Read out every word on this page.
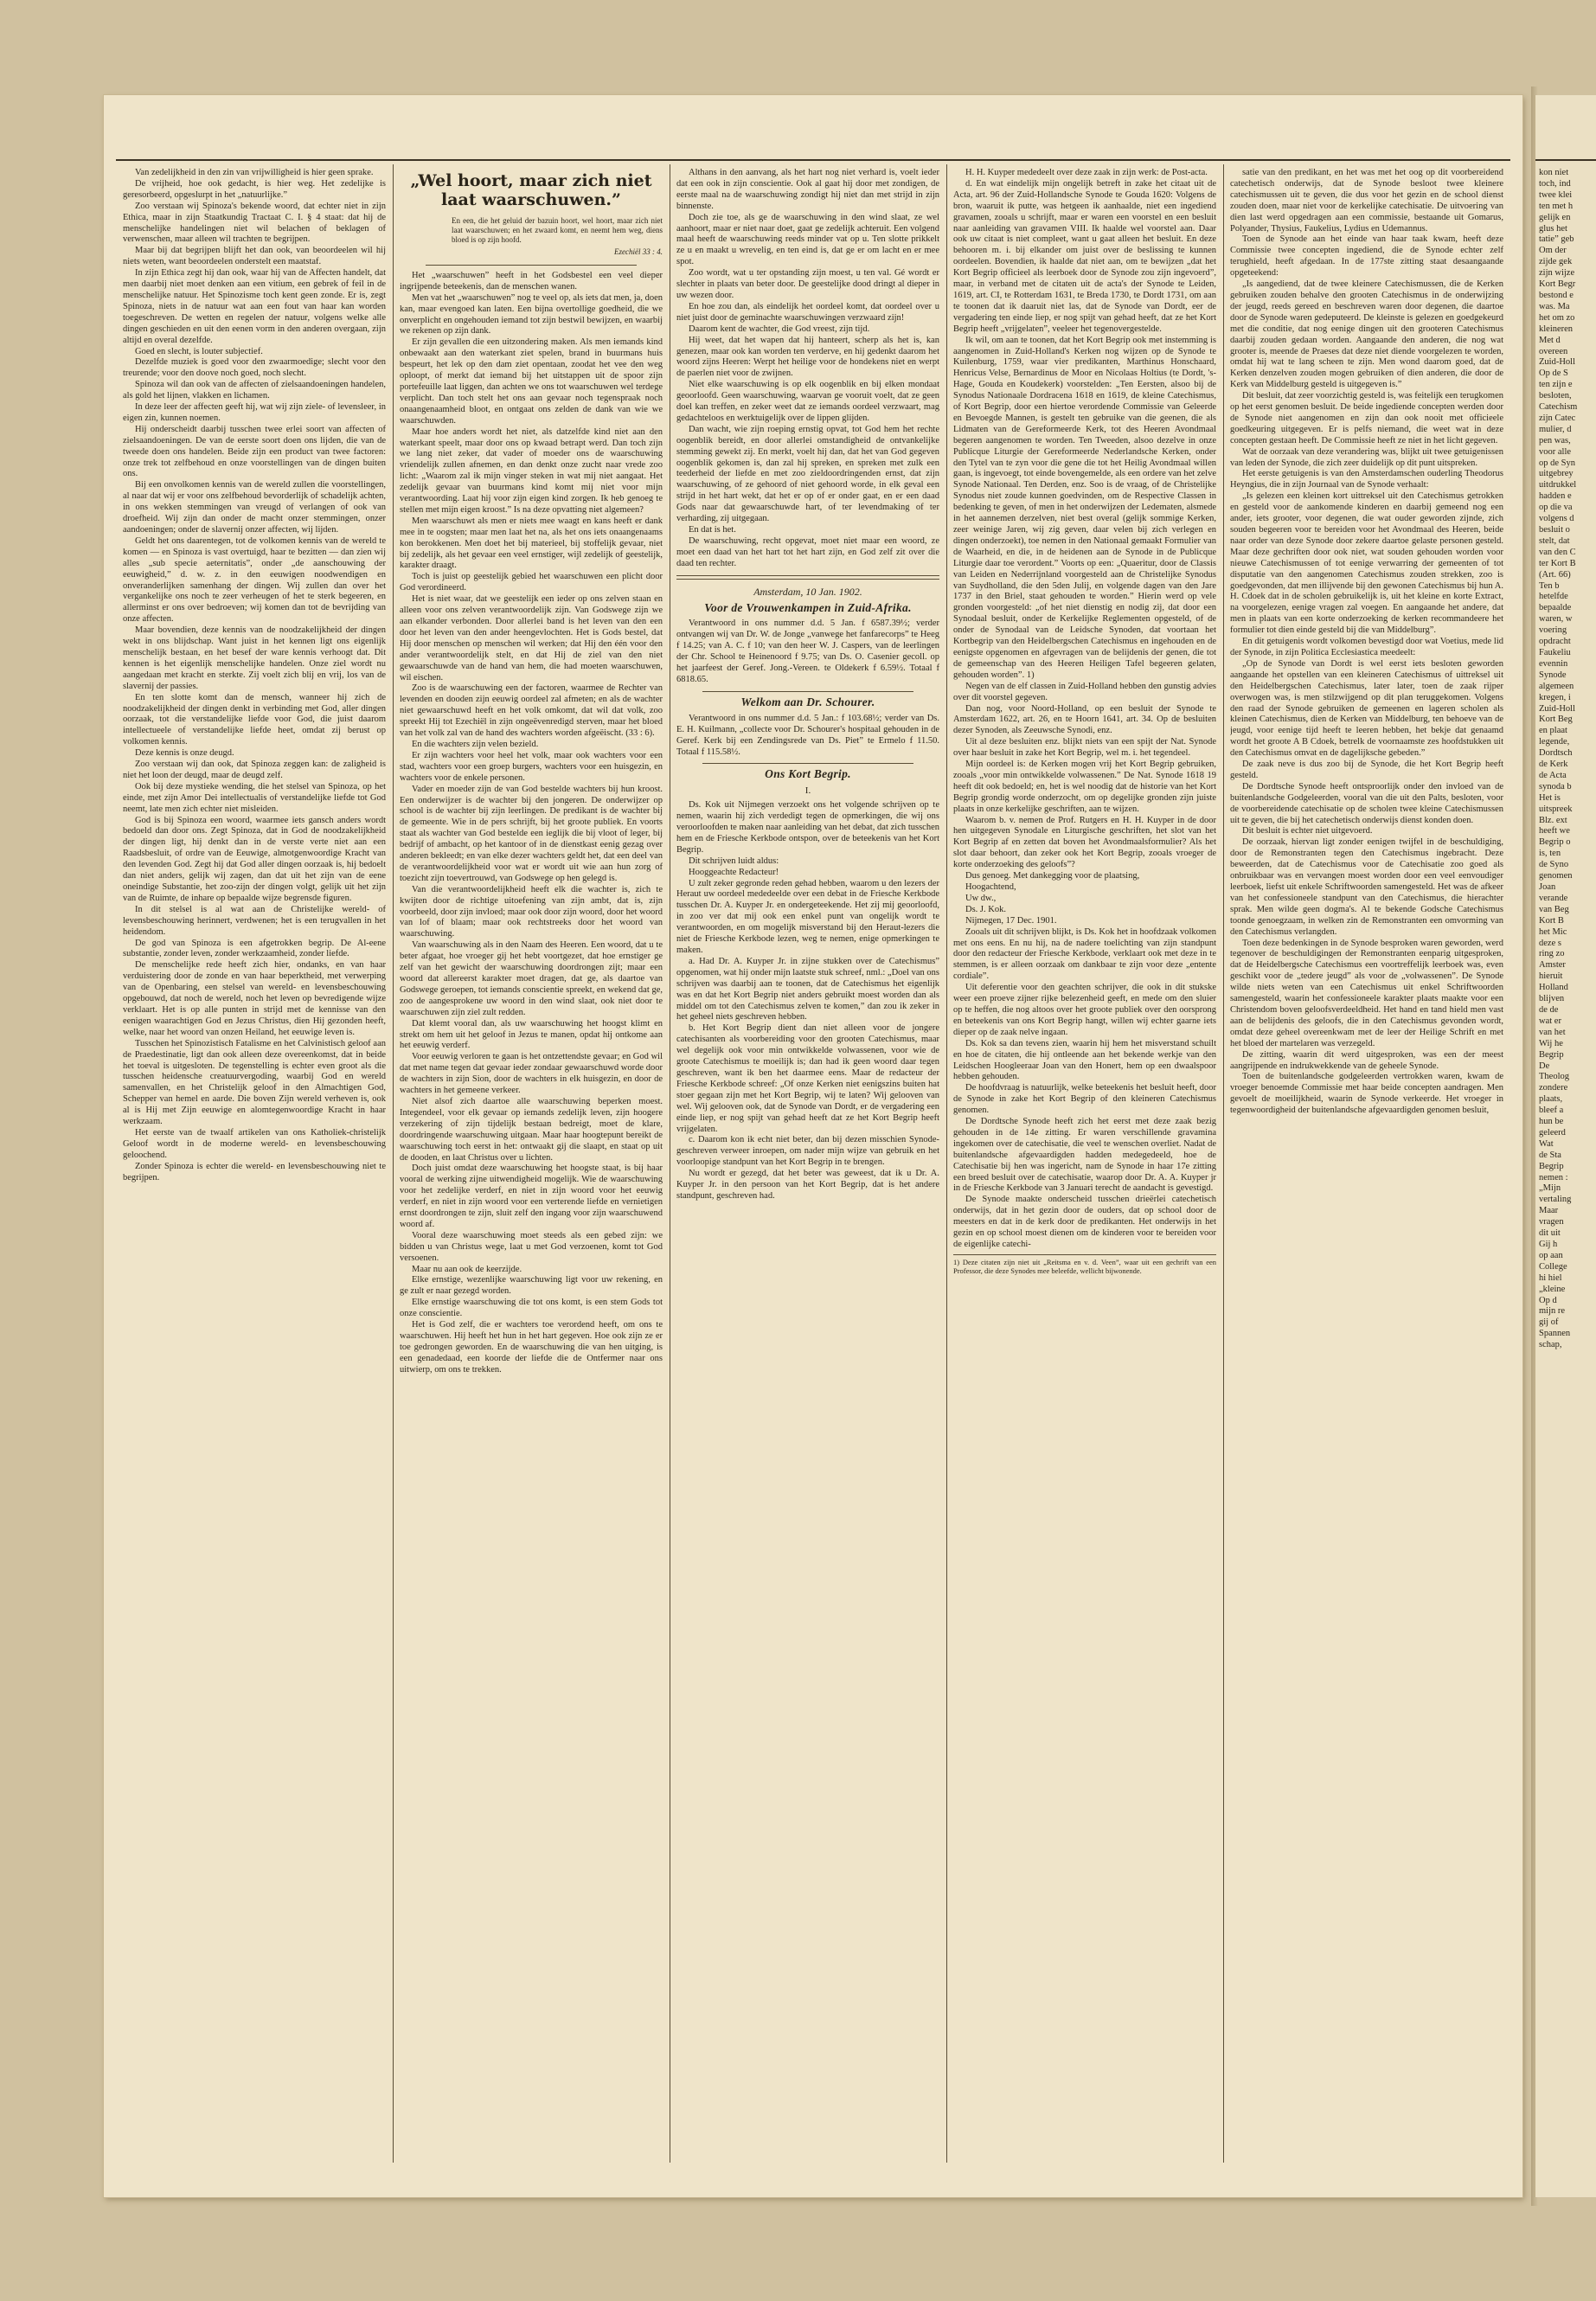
Van zedelijkheid in den zin van vrijwilligheid is hier geen sprake.

De vrijheid, hoe ook gedacht, is hier weg. Het zedelijke is geresorbeerd, opgeslurpt in het „natuurlijke.”

Zoo verstaan wij Spinoza's bekende woord, dat echter niet in zijn Ethica, maar in zijn Staatkundig Tractaat C. I. § 4 staat: dat hij de menschelijke handelingen niet wil belachen of beklagen of verwenschen, maar alleen wil trachten te begrijpen.

Maar bij dat begrijpen blijft het dan ook, van beoordeelen wil hij niets weten, want beoordeelen onderstelt een maatstaf.

In zijn Ethica zegt hij dan ook, waar hij van de Affecten handelt, dat men daarbij niet moet denken aan een vitium, een gebrek of feil in de menschelijke natuur. Het Spinozisme toch kent geen zonde. Er is, zegt Spinoza, niets in de natuur wat aan een fout van haar kan worden toegeschreven. De wetten en regelen der natuur, volgens welke alle dingen geschieden en uit den eenen vorm in den anderen overgaan, zijn altijd en overal dezelfde.

Goed en slecht, is louter subjectief.

Dezelfde muziek is goed voor den zwaarmoedige; slecht voor den treurende; voor den doove noch goed, noch slecht.

Spinoza wil dan ook van de affecten of zielsaandoeningen handelen, als gold het lijnen, vlakken en lichamen.

In deze leer der affecten geeft hij, wat wij zijn ziele- of levensleer, in eigen zin, kunnen noemen.

Hij onderscheidt daarbij tusschen twee erlei soort van affecten of zielsaandoeningen. De van de eerste soort doen ons lijden, die van de tweede doen ons handelen. Beide zijn een product van twee factoren: onze trek tot zelfbehoud en onze voorstellingen van de dingen buiten ons.

Bij een onvolkomen kennis van de wereld zullen die voorstellingen, al naar dat wij er voor ons zelfbehoud bevorderlijk of schadelijk achten, in ons wekken stemmingen van vreugd of verlangen of ook van droefheid. Wij zijn dan onder de macht onzer stemmingen, onzer aandoeningen; onder de slavernij onzer affecten, wij lijden.

Geldt het ons daarentegen, tot de volkomen kennis van de wereld te komen — en Spinoza is vast overtuigd, haar te bezitten — dan zien wij alles „sub specie aeternitatis”, onder „de aanschouwing der eeuwigheid,” d. w. z. in den eeuwigen noodwendigen en onveranderlijken samenhang der dingen. Wij zullen dan over het vergankelijke ons noch te zeer verheugen of het te sterk begeeren, en allerminst er ons over bedroeven; wij komen dan tot de bevrijding van onze affecten.

Maar bovendien, deze kennis van de noodzakelijkheid der dingen wekt in ons blijdschap. Want juist in het kennen ligt ons eigenlijk menschelijk bestaan, en het besef der ware kennis verhoogt dat. Dit kennen is het eigenlijk menschelijke handelen. Onze ziel wordt nu aangedaan met kracht en sterkte. Zij voelt zich blij en vrij, los van de slavernij der passies.

En ten slotte komt dan de mensch, wanneer hij zich de noodzakelijkheid der dingen denkt in verbinding met God, aller dingen oorzaak, tot die verstandelijke liefde voor God, die juist daarom intellectueele of verstandelijke liefde heet, omdat zij berust op volkomen kennis.

Deze kennis is onze deugd.

Zoo verstaan wij dan ook, dat Spinoza zeggen kan: de zaligheid is niet het loon der deugd, maar de deugd zelf.

Ook bij deze mystieke wending, die het stelsel van Spinoza, op het einde, met zijn Amor Dei intellectualis of verstandelijke liefde tot God neemt, late men zich echter niet misleiden.

God is bij Spinoza een woord, waarmee iets gansch anders wordt bedoeld dan door ons. Zegt Spinoza, dat in God de noodzakelijkheid der dingen ligt, hij denkt dan in de verste verte niet aan een Raadsbesluit, of ordre van de Eeuwige, almotgenwoordige Kracht van den levenden God. Zegt hij dat God aller dingen oorzaak is, hij bedoelt dan niet anders, gelijk wij zagen, dan dat uit het zijn van de eene oneindige Substantie, het zoo-zijn der dingen volgt, gelijk uit het zijn van de Ruimte, de inhare op bepaalde wijze begrensde figuren.

In dit stelsel is al wat aan de Christelijke wereld- of levensbeschouwing herinnert, verdwenen; het is een terugvallen in het heidendom.

De god van Spinoza is een afgetrokken begrip. De Al-eene substantie, zonder leven, zonder werkzaamheid, zonder liefde.

De menschelijke rede heeft zich hier, ondanks, en van haar verduistering door de zonde en van haar beperktheid, met verwerping van de Openbaring, een stelsel van wereld- en levensbeschouwing opgebouwd, dat noch de wereld, noch het leven op bevredigende wijze verklaart. Het is op alle punten in strijd met de kennisse van den eenigen waarachtigen God en Jezus Christus, dien Hij gezonden heeft, welke, naar het woord van onzen Heiland, het eeuwige leven is.

Tusschen het Spinozistisch Fatalisme en het Calvinistisch geloof aan de Praedestinatie, ligt dan ook alleen deze overeenkomst, dat in beide het toeval is uitgesloten. De tegenstelling is echter even groot als die tusschen heidensche creatuurvergoding, waarbij God en wereld samenvallen, en het Christelijk geloof in den Almachtigen God, Schepper van hemel en aarde. Die boven Zijn wereld verheven is, ook al is Hij met Zijn eeuwige en alomtegenwoordige Kracht in haar werkzaam.

Het eerste van de twaalf artikelen van ons Katholiek-christelijk Geloof wordt in de moderne wereld- en levensbeschouwing geloochend.

Zonder Spinoza is echter die wereld- en levensbeschouwing niet te begrijpen.

„Wel hoort, maar zich niet laat waarschuwen.”
En een, die het geluid der bazuin hoort, wel hoort, maar zich niet laat waarschuwen; en het zwaard komt, en neemt hem weg, diens bloed is op zijn hoofd.
Ezechiël 33 : 4.

Het „waarschuwen” heeft in het Godsbestel een veel dieper ingrijpende beteekenis, dan de menschen wanen.

Men vat het „waarschuwen” nog te veel op, als iets dat men, ja, doen kan, maar evengoed kan laten. Een bijna overtollige goedheid, die we onverplicht en ongehouden iemand tot zijn bestwil bewijzen, en waarbij we rekenen op zijn dank.

Er zijn gevallen die een uitzondering maken. Als men iemands kind onbewaakt aan den waterkant ziet spelen, brand in buurmans huis bespeurt, het lek op den dam ziet opentaan, zoodat het vee den weg oploopt, of merkt dat iemand bij het uitstappen uit de spoor zijn portefeuille laat liggen, dan achten we ons tot waarschuwen wel terdege verplicht. Dan toch stelt het ons aan gevaar noch tegenspraak noch onaangenaamheid bloot, en ontgaat ons zelden de dank van wie we waarschuwden.

Maar hoe anders wordt het niet, als datzelfde kind niet aan den waterkant speelt, maar door ons op kwaad betrapt werd. Dan toch zijn we lang niet zeker, dat vader of moeder ons de waarschuwing vriendelijk zullen afnemen, en dan denkt onze zucht naar vrede zoo licht: „Waarom zal ik mijn vinger steken in wat mij niet aangaat. Het zedelijk gevaar van buurmans kind komt mij niet voor mijn verantwoording. Laat hij voor zijn eigen kind zorgen. Ik heb genoeg te stellen met mijn eigen kroost.” Is na deze opvatting niet algemeen?

Men waarschuwt als men er niets mee waagt en kans heeft er dank mee in te oogsten; maar men laat het na, als het ons iets onaangenaams kon berokkenen. Men doet het bij materieel, bij stoffelijk gevaar, niet bij zedelijk, als het gevaar een veel ernstiger, wijl zedelijk of geestelijk, karakter draagt.

Toch is juist op geestelijk gebied het waarschuwen een plicht door God verordineerd.

Het is niet waar, dat we geestelijk een ieder op ons zelven staan en alleen voor ons zelven verantwoordelijk zijn. Van Godswege zijn we aan elkander verbonden. Door allerlei band is het leven van den een door het leven van den ander heengevlochten. Het is Gods bestel, dat Hij door menschen op menschen wil werken; dat Hij den één voor den ander verantwoordelijk stelt, en dat Hij de ziel van den niet gewaarschuwde van de hand van hem, die had moeten waarschuwen, wil eischen.

Zoo is de waarschuwing een der factoren, waarmee de Rechter van levenden en dooden zijn eeuwig oordeel zal afmeten; en als de wachter niet gewaarschuwd heeft en het volk omkomt, dat wil dat volk, zoo spreekt Hij tot Ezechiël in zijn ongeëvenredigd sterven, maar het bloed van het volk zal van de hand des wachters worden afgeëischt. (33 : 6).

En die wachters zijn velen bezield.

Er zijn wachters voor heel het volk, maar ook wachters voor een stad, wachters voor een groep burgers, wachters voor een huisgezin, en wachters voor de enkele personen.

Vader en moeder zijn de van God bestelde wachters bij hun kroost. Een onderwijzer is de wachter bij den jongeren. De onderwijzer op school is de wachter bij zijn leerlingen. De predikant is de wachter bij de gemeente. Wie in de pers schrijft, bij het groote publiek. En voorts staat als wachter van God bestelde een ieglijk die bij vloot of leger, bij bedrijf of ambacht, op het kantoor of in de dienstkast eenig gezag over anderen bekleedt; en van elke dezer wachters geldt het, dat een deel van de verantwoordelijkheid voor wat er wordt uit wie aan hun zorg of toezicht zijn toevertrouwd, van Godswege op hen gelegd is.

Van die verantwoordelijkheid heeft elk die wachter is, zich te kwijten door de richtige uitoefening van zijn ambt, dat is, zijn voorbeeld, door zijn invloed; maar ook door zijn woord, door het woord van lof of blaam; maar ook rechtstreeks door het woord van waarschuwing.

Van waarschuwing als in den Naam des Heeren. Een woord, dat u te beter afgaat, hoe vroeger gij het hebt voortgezet, dat hoe ernstiger ge zelf van het gewicht der waarschuwing doordrongen zijt; maar een woord dat allereerst karakter moet dragen, dat ge, als daartoe van Godswege geroepen, tot iemands conscientie spreekt, en wekend dat ge, zoo de aangesprokene uw woord in den wind slaat, ook niet door te waarschuwen zijn ziel zult redden.

Dat klemt vooral dan, als uw waarschuwing het hoogst klimt en strekt om hem uit het geloof in Jezus te manen, opdat hij ontkome aan het eeuwig verderf.

Voor eeuwig verloren te gaan is het ontzettendste gevaar; en God wil dat met name tegen dat gevaar ieder zondaar gewaarschuwd worde door de wachters in zijn Sion, door de wachters in elk huisgezin, en door de wachters in het gemeene verkeer.

Niet alsof zich daartoe alle waarschuwing beperken moest. Integendeel, voor elk gevaar op iemands zedelijk leven, zijn hoogere verzekering of zijn tijdelijk bestaan bedreigt, moet de klare, doordringende waarschuwing uitgaan. Maar haar hoogtepunt bereikt de waarschuwing toch eerst in het: ontwaakt gij die slaapt, en staat op uit de dooden, en laat Christus over u lichten.

Doch juist omdat deze waarschuwing het hoogste staat, is bij haar vooral de werking zijne uitwendigheid mogelijk. Wie de waarschuwing voor het zedelijke verderf, en niet in zijn woord voor het eeuwig verderf, en niet in zijn woord voor een verterende liefde en vernietigen ernst doordrongen te zijn, sluit zelf den ingang voor zijn waarschuwend woord af.

Vooral deze waarschuwing moet steeds als een gebed zijn: we bidden u van Christus wege, laat u met God verzoenen, komt tot God versoenen.

Maar nu aan ook de keerzijde.

Elke ernstige, wezenlijke waarschuwing ligt voor uw rekening, en ge zult er naar gezegd worden.

Elke ernstige waarschuwing die tot ons komt, is een stem Gods tot onze conscientie.

Het is God zelf, die er wachters toe verordend heeft, om ons te waarschuwen. Hij heeft het hun in het hart gegeven. Hoe ook zijn ze er toe gedrongen geworden. En de waarschuwing die van hen uitging, is een genadedaad, een koorde der liefde die de Ontfermer naar ons uitwierp, om ons te trekken.

Althans in den aanvang, als het hart nog niet verhard is, voelt ieder dat een ook in zijn conscientie. Ook al gaat hij door met zondigen, de eerste maal na de waarschuwing zondigt hij niet dan met strijd in zijn binnenste.

Doch zie toe, als ge de waarschuwing in den wind slaat, ze wel aanhoort, maar er niet naar doet, gaat ge zedelijk achteruit. Een volgend maal heeft de waarschuwing reeds minder vat op u. Ten slotte prikkelt ze u en maakt u wrevelig, en ten eind is, dat ge er om lacht en er mee spot.

Zoo wordt, wat u ter opstanding zijn moest, u ten val. Gé wordt er slechter in plaats van beter door. De geestelijke dood dringt al dieper in uw wezen door.

En hoe zou dan, als eindelijk het oordeel komt, dat oordeel over u niet juist door de geminachte waarschuwingen verzwaard zijn!

Daarom kent de wachter, die God vreest, zijn tijd.

Hij weet, dat het wapen dat hij hanteert, scherp als het is, kan genezen, maar ook kan worden ten verderve, en hij gedenkt daarom het woord zijns Heeren: Werpt het heilige voor de hondekens niet en werpt de paerlen niet voor de zwijnen.

Niet elke waarschuwing is op elk oogenblik en bij elken mondaat geoorloofd. Geen waarschuwing, waarvan ge vooruit voelt, dat ze geen doel kan treffen, en zeker weet dat ze iemands oordeel verzwaart, mag gedachteloos en werktuigelijk over de lippen glijden.

Dan wacht, wie zijn roeping ernstig opvat, tot God hem het rechte oogenblik bereidt, en door allerlei omstandigheid de ontvankelijke stemming gewekt zij. En merkt, voelt hij dan, dat het van God gegeven oogenblik gekomen is, dan zal hij spreken, en spreken met zulk een teederheid der liefde en met zoo zieldoordringenden ernst, dat zijn waarschuwing, of ze gehoord of niet gehoord worde, in elk geval een strijd in het hart wekt, dat het er op of er onder gaat, en er een daad Gods naar dat gewaarschuwde hart, of ter levendmaking of ter verharding, zij uitgegaan.

En dat is het.

De waarschuwing, recht opgevat, moet niet maar een woord, ze moet een daad van het hart tot het hart zijn, en God zelf zit over die daad ten rechter.

Amsterdam, 10 Jan. 1902.
Voor de Vrouwenkampen in Zuid-Afrika.

Verantwoord in ons nummer d.d. 5 Jan. f 6587.39½; verder ontvangen wij van Dr. W. de Jonge „vanwege het fanfarecorps” te Heeg f 14.25; van A. C. f 10; van den heer W. J. Caspers, van de leerlingen der Chr. School te Heinenoord f 9.75; van Ds. O. Casenier gecoll. op het jaarfeest der Geref. Jong.-Vereen. te Oldekerk f 6.59½. Totaal f 6818.65.

Welkom aan Dr. Schourer.

Verantwoord in ons nummer d.d. 5 Jan.: f 103.68½; verder van Ds. E. H. Kuilmann, „collecte voor Dr. Schourer's hospitaal gehouden in de Geref. Kerk bij een Zendingsrede van Ds. Piet” te Ermelo f 11.50. Totaal f 115.58½.

Ons Kort Begrip.
I.

Ds. Kok uit Nijmegen verzoekt ons het volgende schrijven op te nemen, waarin hij zich verdedigt tegen de opmerkingen, die wij ons veroorloofden te maken naar aanleiding van het debat, dat zich tusschen hem en de Friesche Kerkbode ontspon, over de beteekenis van het Kort Begrip.

Dit schrijven luidt aldus:

Hooggeachte Redacteur!

U zult zeker gegronde reden gehad hebben, waarom u den lezers der Heraut uw oordeel mededeelde over een debat in de Friesche Kerkbode tusschen Dr. A. Kuyper Jr. en ondergeteekende. Het zij mij geoorloofd, in zoo ver dat mij ook een enkel punt van ongelijk wordt te verantwoorden, en om mogelijk misverstand bij den Heraut-lezers die niet de Friesche Kerkbode lezen, weg te nemen, enige opmerkingen te maken.

a. Had Dr. A. Kuyper Jr. in zijne stukken over de Catechismus” opgenomen, wat hij onder mijn laatste stuk schreef, nml.: „Doel van ons schrijven was daarbij aan te toonen, dat de Catechismus het eigenlijk was en dat het Kort Begrip niet anders gebruikt moest worden dan als middel om tot den Catechismus zelven te komen,” dan zou ik zeker in het geheel niets geschreven hebben.

b. Het Kort Begrip dient dan niet alleen voor de jongere catechisanten als voorbereiding voor den grooten Catechismus, maar wel degelijk ook voor min ontwikkelde volwassenen, voor wie de groote Catechismus te moeilijk is; dan had ik geen woord daar tegen geschreven, want ik ben het daarmee eens. Maar de redacteur der Friesche Kerkbode schreef: „Of onze Kerken niet eenigszins buiten hat stoer gegaan zijn met het Kort Begrip, wij te laten? Wij gelooven van wel. Wij gelooven ook, dat de Synode van Dordt, er de vergadering een einde liep, er nog spijt van gehad heeft dat ze het Kort Begrip heeft vrijgelaten.

c. Daarom kon ik echt niet beter, dan bij dezen misschien Synode-geschreven verweer inroepen, om nader mijn wijze van gebruik en het voorloopige standpunt van het Kort Begrip in te brengen.

Nu wordt er gezegd, dat het beter was geweest, dat ik u Dr. A. Kuyper Jr. in den persoon van het Kort Begrip, dat is het andere standpunt, geschreven had.

H. H. Kuyper mededeelt over deze zaak in zijn werk: de Post-acta.

d. En wat eindelijk mijn ongelijk betreft in zake het citaat uit de Acta, art. 96 der Zuid-Hollandsche Synode te Gouda 1620: Volgens de bron, waaruit ik putte, was hetgeen ik aanhaalde, niet een ingediend gravamen, zooals u schrijft, maar er waren een voorstel en een besluit naar aanleiding van gravamen VIII. Ik haalde wel voorstel aan. Daar ook uw citaat is niet compleet, want u gaat alleen het besluit. En deze behooren m. i. bij elkander om juist over de beslissing te kunnen oordeelen. Bovendien, ik haalde dat niet aan, om te bewijzen „dat het Kort Begrip officieel als leerboek door de Synode zou zijn ingevoerd”, maar, in verband met de citaten uit de acta's der Synode te Leiden, 1619, art. CI, te Rotterdam 1631, te Breda 1730, te Dordt 1731, om aan te toonen dat ik daaruit niet las, dat de Synode van Dordt, eer de vergadering ten einde liep, er nog spijt van gehad heeft, dat ze het Kort Begrip heeft „vrijgelaten”, veeleer het tegenovergestelde.

Ik wil, om aan te toonen, dat het Kort Begrip ook met instemming is aangenomen in Zuid-Holland's Kerken nog wijzen op de Synode te Kuilenburg, 1759, waar vier predikanten, Marthinus Honschaard, Henricus Velse, Bernardinus de Moor en Nicolaas Holtius (te Dordt, 's-Hage, Gouda en Koudekerk) voorstelden: „Ten Eersten, alsoo bij de Synodus Nationaale Dordracena 1618 en 1619, de kleine Catechismus, of Kort Begrip, door een hiertoe verordende Commissie van Geleerde en Bevoegde Mannen, is gestelt ten gebruike van die geenen, die als Lidmaten van de Gereformeerde Kerk, tot des Heeren Avondmaal begeren aangenomen te worden. Ten Tweeden, alsoo dezelve in onze Publicque Liturgie der Gereformeerde Nederlandsche Kerken, onder den Tytel van te zyn voor die gene die tot het Heilig Avondmaal willen gaan, is ingevoegt, tot einde bovengemelde, als een ordere van het zelve Synode Nationaal. Ten Derden, enz. Soo is de vraag, of de Christelijke Synodus niet zoude kunnen goedvinden, om de Respective Classen in bedenking te geven, of men in het onderwijzen der Ledematen, alsmede in het aannemen derzelven, niet best overal (gelijk sommige Kerken, zeer weinige Jaren, wij zig geven, daar velen bij zich verlegen en dingen onderzoekt), toe nemen in den Nationaal gemaakt Formulier van de Waarheid, en die, in de heidenen aan de Synode in de Publicque Liturgie daar toe verordent.” Voorts op een: „Quaeritur, door de Classis van Leiden en Nederrijnland voorgesteld aan de Christelijke Synodus van Suydholland, die den 5den Julij, en volgende dagen van den Jare 1737 in den Briel, staat gehouden te worden.” Hierin werd op vele gronden voorgesteld: „of het niet dienstig en nodig zij, dat door een Synodaal besluit, onder de Kerkelijke Reglementen opgesteld, of de onder de Synodaal van de Leidsche Synoden, dat voortaan het Kortbegrip van den Heidelbergschen Catechismus en ingehouden en de eenigste opgenomen en afgevragen van de belijdenis der genen, die tot de gemeenschap van des Heeren Heiligen Tafel begeeren gelaten, gehouden worden”. 1)

Negen van de elf classen in Zuid-Holland hebben den gunstig advies over dit voorstel gegeven.

Dan nog, voor Noord-Holland, op een besluit der Synode te Amsterdam 1622, art. 26, en te Hoorn 1641, art. 34. Op de besluiten dezer Synoden, als Zeeuwsche Synodi, enz.

Uit al deze besluiten enz. blijkt niets van een spijt der Nat. Synode over haar besluit in zake het Kort Begrip, wel m. i. het tegendeel.

Mijn oordeel is: de Kerken mogen vrij het Kort Begrip gebruiken, zooals „voor min ontwikkelde volwassenen.” De Nat. Synode 1618 19 heeft dit ook bedoeld; en, het is wel noodig dat de historie van het Kort Begrip grondig worde onderzocht, om op degelijke gronden zijn juiste plaats in onze kerkelijke geschriften, aan te wijzen.

Waarom b. v. nemen de Prof. Rutgers en H. H. Kuyper in de door hen uitgegeven Synodale en Liturgische geschriften, het slot van het Kort Begrip af en zetten dat boven het Avondmaalsformulier? Als het slot daar behoort, dan zeker ook het Kort Begrip, zooals vroeger de korte onderzoeking des geloofs”?

Dus genoeg. Met dankegging voor de plaatsing,

Hoogachtend,

Uw dw.,

Ds. J. Kok.

Nijmegen, 17 Dec. 1901.

Zooals uit dit schrijven blijkt, is Ds. Kok het in hoofdzaak volkomen met ons eens. En nu hij, na de nadere toelichting van zijn standpunt door den redacteur der Friesche Kerkbode, verklaart ook met deze in te stemmen, is er alleen oorzaak om dankbaar te zijn voor deze „entente cordiale”.

Uit deferentie voor den geachten schrijver, die ook in dit stukske weer een proeve zijner rijke belezenheid geeft, en mede om den sluier op te heffen, die nog altoos over het groote publiek over den oorsprong en beteekenis van ons Kort Begrip hangt, willen wij echter gaarne iets dieper op de zaak nelve ingaan.

Ds. Kok sa dan tevens zien, waarin hij hem het misverstand schuilt en hoe de citaten, die hij ontleende aan het bekende werkje van den Leidschen Hoogleeraar Joan van den Honert, hem op een dwaalspoor hebben gehouden.

De hoofdvraag is natuurlijk, welke beteekenis het besluit heeft, door de Synode in zake het Kort Begrip of den kleineren Catechismus genomen.

De Dordtsche Synode heeft zich het eerst met deze zaak bezig gehouden in de 14e zitting. Er waren verschillende gravamina ingekomen over de catechisatie, die veel te wenschen overliet. Nadat de buitenlandsche afgevaardigden hadden medegedeeld, hoe de Catechisatie bij hen was ingericht, nam de Synode in haar 17e zitting een breed besluit over de catechisatie, waarop door Dr. A. A. Kuyper jr in de Friesche Kerkbode van 3 Januari terecht de aandacht is gevestigd.

De Synode maakte onderscheid tusschen drieërlei catechetisch onderwijs, dat in het gezin door de ouders, dat op school door de meesters en dat in de kerk door de predikanten. Het onderwijs in het gezin en op school moest dienen om de kinderen voor te bereiden voor de eigenlijke catechi-

1) Deze citaten zijn niet uit „Reitsma en v. d. Veen”, waar uit een gechrift van een Professor, die deze Synodes mee beleefde, wellicht bijwonende.

satie van den predikant, en het was met het oog op dit voorbereidend catechetisch onderwijs, dat de Synode besloot twee kleinere catechismussen uit te geven, die dus voor het gezin en de school dienst zouden doen, maar niet voor de kerkelijke catechisatie. De uitvoering van dien last werd opgedragen aan een commissie, bestaande uit Gomarus, Polyander, Thysius, Faukelius, Lydius en Udemannus.

Toen de Synode aan het einde van haar taak kwam, heeft deze Commissie twee concepten ingediend, die de Synode echter zelf terughield, heeft afgedaan. In de 177ste zitting staat desaangaande opgeteekend:

„Is aangediend, dat de twee kleinere Catechismussen, die de Kerken gebruiken zouden behalve den grooten Catechismus in de onderwijzing der jeugd, reeds gereed en beschreven waren door degenen, die daartoe door de Synode waren gedeputeerd. De kleinste is gelezen en goedgekeurd met die conditie, dat nog eenige dingen uit den grooteren Catechismus daarbij zouden gedaan worden. Aangaande den anderen, die nog wat grooter is, meende de Praeses dat deze niet diende voorgelezen te worden, omdat hij wat te lang scheen te zijn. Men wond daarom goed, dat de Kerken denzelven zouden mogen gebruiken of dien anderen, die door de Kerk van Middelburg gesteld is uitgegeven is.”

Dit besluit, dat zeer voorzichtig gesteld is, was feitelijk een terugkomen op het eerst genomen besluit. De beide ingediende concepten werden door de Synode niet aangenomen en zijn dan ook nooit met officieele goedkeuring uitgegeven. Er is pelfs niemand, die weet wat in deze concepten gestaan heeft. De Commissie heeft ze niet in het licht gegeven.

Wat de oorzaak van deze verandering was, blijkt uit twee getuigenissen van leden der Synode, die zich zeer duidelijk op dit punt uitspreken.

Het eerste getuigenis is van den Amsterdamschen ouderling Theodorus Heyngius, die in zijn Journaal van de Synode verhaalt:

„Is gelezen een kleinen kort uittreksel uit den Catechismus getrokken en gesteld voor de aankomende kinderen en daarbij gemeend nog een ander, iets grooter, voor degenen, die wat ouder geworden zijnde, zich souden begeeren voor te bereiden voor het Avondmaal des Heeren, beide naar order van deze Synode door zekere daartoe gelaste personen gesteld. Maar deze gechriften door ook niet, wat souden gehouden worden voor nieuwe Catechismussen of tot eenige verwarring der gemeenten of tot disputatie van den aangenomen Catechismus zouden strekken, zoo is goedgevonden, dat men illijvende bij den gewonen Catechismus bij hun A. H. Cdoek dat in de scholen gebruikelijk is, uit het kleine en korte Extract, na voorgelezen, eenige vragen zal voegen. En aangaande het andere, dat men in plaats van een korte onderzoeking de kerken recommandeere het formulier tot dien einde gesteld bij die van Middelburg”.

En dit getuigenis wordt volkomen bevestigd door wat Voetius, mede lid der Synode, in zijn Politica Ecclesiastica meedeelt:

„Op de Synode van Dordt is wel eerst iets besloten geworden aangaande het opstellen van een kleineren Catechismus of uittreksel uit den Heidelbergschen Catechismus, later later, toen de zaak rijper overwogen was, is men stilzwijgend op dit plan teruggekomen. Volgens den raad der Synode gebruiken de gemeenen en lageren scholen als kleinen Catechismus, dien de Kerken van Middelburg, ten behoeve van de jeugd, voor eenige tijd heeft te leeren hebben, het bekje dat genaamd wordt het groote A B Cdoek, betrelk de voornaamste zes hoofdstukken uit den Catechismus omvat en de dagelijksche gebeden.”

De zaak neve is dus zoo bij de Synode, die het Kort Begrip heeft gesteld.

De Dordtsche Synode heeft ontsproorlijk onder den invloed van de buitenlandsche Godgeleerden, vooral van die uit den Palts, besloten, voor de voorbereidende catechisatie op de scholen twee kleine Catechismussen uit te geven, die bij het catechetisch onderwijs dienst konden doen.

Dit besluit is echter niet uitgevoerd.

De oorzaak, hiervan ligt zonder eenigen twijfel in de beschuldiging, door de Remonstranten tegen den Catechismus ingebracht. Deze beweerden, dat de Catechismus voor de Catechisatie zoo goed als onbruikbaar was en vervangen moest worden door een veel eenvoudiger leerboek, liefst uit enkele Schriftwoorden samengesteld. Het was de afkeer van het confessioneele standpunt van den Catechismus, die hierachter sprak. Men wilde geen dogma's. Al te bekende Godsche Catechismus toonde genoegzaam, in welken zin de Remonstranten een omvorming van den Catechismus verlangden.

Toen deze bedenkingen in de Synode besproken waren geworden, werd tegenover de beschuldigingen der Remonstranten eenparig uitgesproken, dat de Heidelbergsche Catechismus een voortreffelijk leerboek was, even geschikt voor de „tedere jeugd” als voor de „volwassenen”. De Synode wilde niets weten van een Catechismus uit enkel Schriftwoorden samengesteld, waarin het confessioneele karakter plaats maakte voor een Christendom boven geloofsverdeeldheid. Het hand en tand hield men vast aan de belijdenis des geloofs, die in den Catechismus gevonden wordt, omdat deze geheel overeenkwam met de leer der Heilige Schrift en met het bloed der martelaren was verzegeld.

De zitting, waarin dit werd uitgesproken, was een der meest aangrijpende en indrukwekkende van de geheele Synode.

Toen de buitenlandsche godgeleerden vertrokken waren, kwam de vroeger benoemde Commissie met haar beide concepten aandragen. Men gevoelt de moeilijkheid, waarin de Synode verkeerde. Het vroeger in tegenwoordigheid der buitenlandsche afgevaardigden genomen besluit,

kon niet
toch, ind
twee klei
ten met h
gelijk en
glus het
tatie” geb
Om der
zijde gek
zijn wijze
Kort Begr
bestond e
was. Ma
het om zo
kleineren
Met d
overeen
Zuid-Holl
Op de S
ten zijn e
besloten,
Catechism
zijn Catec
mulier, d
pen was,
voor alle
op de Syn
uitgebrey
uitdrukkel
hadden e
op die va
volgens d
besluit o
stelt, dat
van den C
ter Kort B
(Art. 66)
Ten b
hetelfde
bepaalde
waren, w
voering
opdracht
Faukeliu
evennin
Synode
algemeen
kregen, i
Zuid-Holl
Kort Beg
en plaat
legende,
Dordtsch
de Kerk
de Acta
synoda b
Het is
uitspreek
Blz. ext
heeft we
Begrip o
is, ten
de Syno
genomen
Joan
verande
van Beg
Kort B
het Mic
deze s
ring zo
Amster
hieruit
Holland
blijven
de de
wat er
van het
Wij he
Begrip
De
Theolog
zondere
plaats,
bleef a
hun be
geleerd
Wat
de Sta
Begrip
nemen :
„Mijn
vertaling
Maar
vragen
dit uit
Gij h
op aan
College
hi hiel
„kleine
Op d
mijn re
gij of
Spannen
schap,
